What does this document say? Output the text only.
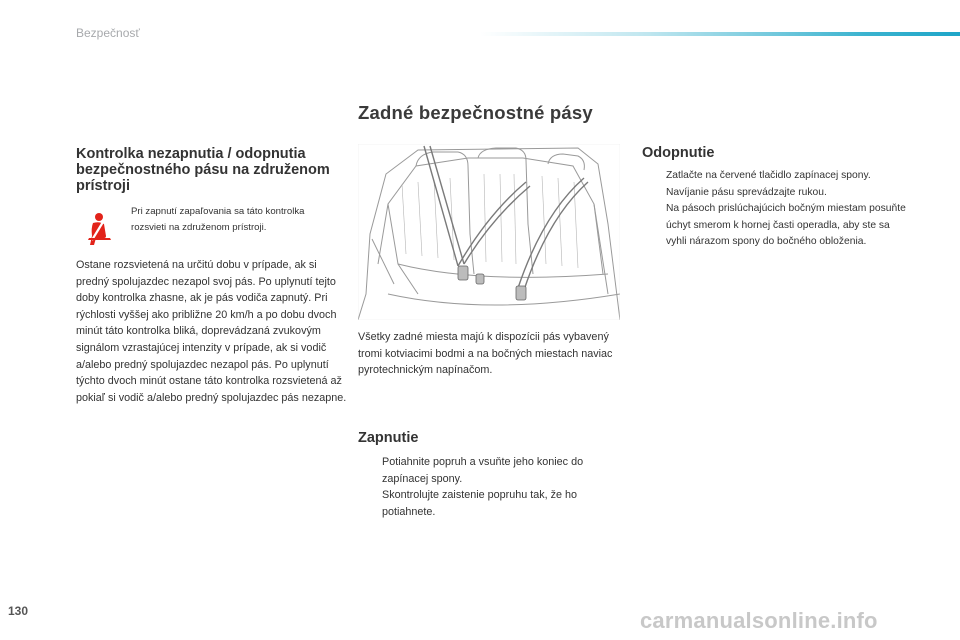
Bezpečnosť
Zadné bezpečnostné pásy
Kontrolka nezapnutia / odopnutia bezpečnostného pásu na združenom prístroji
Pri zapnutí zapaľovania sa táto kontrolka rozsvieti na združenom prístroji.
Ostane rozsvietená na určitú dobu v prípade, ak si predný spolujazdec nezapol svoj pás. Po uplynutí tejto doby kontrolka zhasne, ak je pás vodiča zapnutý. Pri rýchlosti vyššej ako približne 20 km/h a po dobu dvoch minút táto kontrolka bliká, doprevádzaná zvukovým signálom vzrastajúcej intenzity v prípade, ak si vodič a/alebo predný spolujazdec nezapol pás. Po uplynutí týchto dvoch minút ostane táto kontrolka rozsvietená až pokiaľ si vodič a/alebo predný spolujazdec pás nezapne.
Všetky zadné miesta majú k dispozícii pás vybavený tromi kotviacimi bodmi a na bočných miestach naviac pyrotechnickým napínačom.
Zapnutie
Potiahnite popruh a vsuňte jeho koniec do zapínacej spony.
Skontrolujte zaistenie popruhu tak, že ho potiahnete.
Odopnutie
Zatlačte na červené tlačidlo zapínacej spony.
Navíjanie pásu sprevádzajte rukou.
Na pásoch prislúchajúcich bočným miestam posuňte úchyt smerom k hornej časti operadla, aby ste sa vyhli nárazom spony do bočného obloženia.
130	carmanualsonline.info
